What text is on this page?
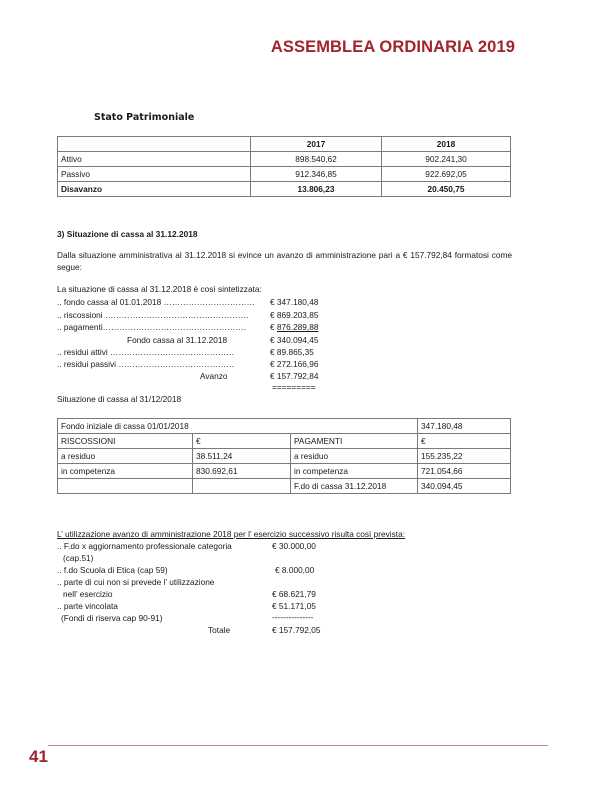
ASSEMBLEA ORDINARIA 2019
Stato Patrimoniale
	2017	2018
Attivo	898.540,62	902.241,30
Passivo	912.346,85	922.692,05
Disavanzo	13.806,23	20.450,75
3) Situazione di cassa al 31.12.2018
Dalla situazione amministrativa al 31.12.2018 si evince un avanzo di amministrazione pari a € 157.792,84 formatosi come segue:
La situazione di cassa al 31.12.2018 è così sintetizzata:
.. fondo cassa al 01.01.2018 …………………………… € 347.180,48
.. riscossioni …………………………………………….	€ 869.203,85
.. pagamenti…………………………………………….	€ 876.289,88
Fondo cassa al 31.12.2018	€ 340.094,45
.. residui attivi ………………………………………	€ 89.865,35
.. residui passivi ……………………………………	€ 272.166,96
Avanzo	€ 157.792,84
=========
Situazione di cassa al 31/12/2018
Fondo iniziale di cassa 01/01/2018			347.180,48
RISCOSSIONI	€	PAGAMENTI	€
a residuo	38.511,24	a residuo	155.235,22
in competenza	830.692,61	in competenza	721.054,66
		F.do di cassa 31.12.2018	340.094,45
L’ utilizzazione avanzo di amministrazione 2018 per l’ esercizio successivo risulta così prevista:
.. F.do x aggiornamento professionale categoria	€ 30.000,00
(cap.51)
.. f.do Scuola di Etica (cap 59)	€ 8.000,00
.. parte di cui non si prevede l’ utilizzazione
nell’ esercizio	€ 68.621,79
.. parte vincolata	€ 51.171,05
(Fondi di riserva cap 90-91)	---------------
Totale	€ 157.792,05
41
